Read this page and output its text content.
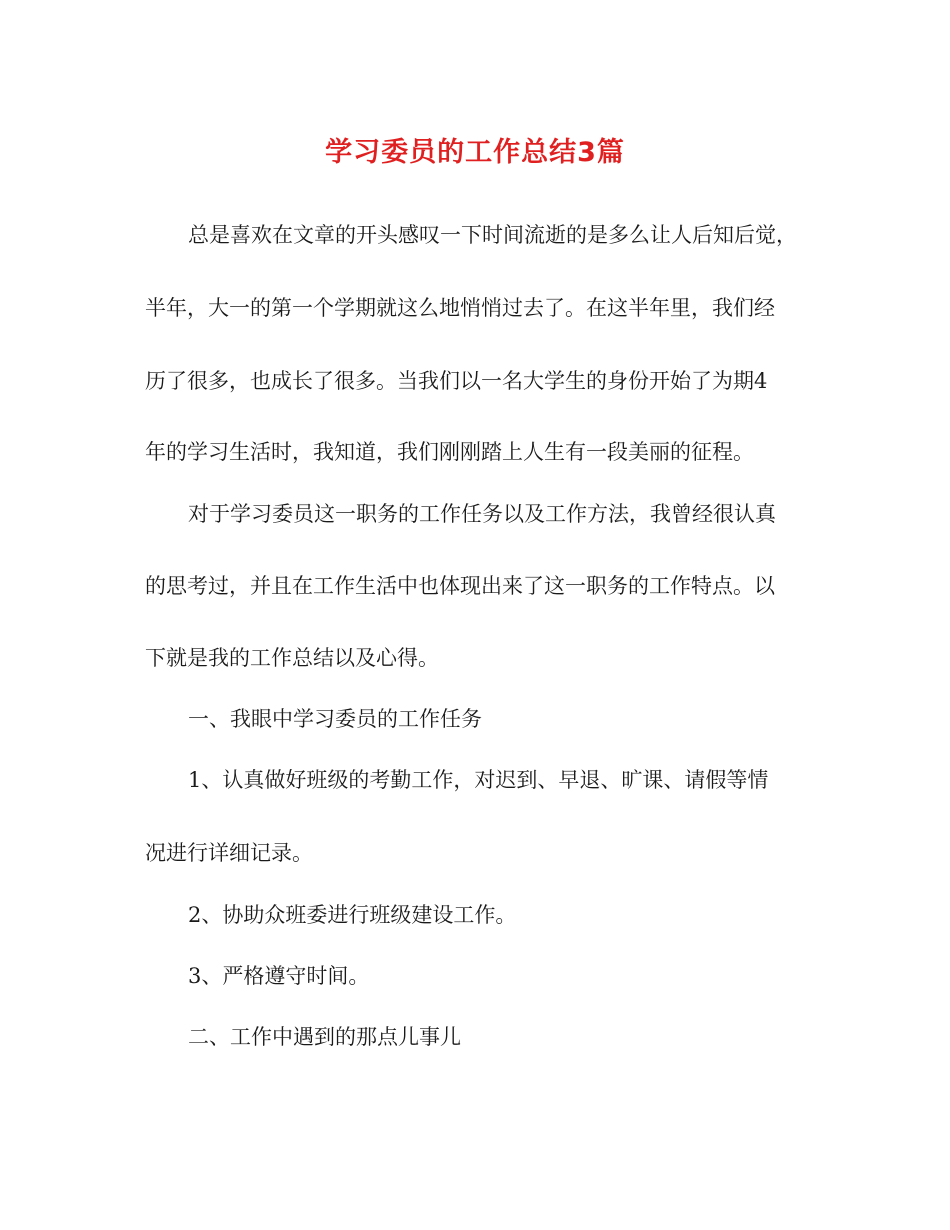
学习委员的工作总结3篇

总是喜欢在文章的开头感叹一下时间流逝的是多么让人后知后觉，

半年，大一的第一个学期就这么地悄悄过去了。在这半年里，我们经

历了很多，也成长了很多。当我们以一名大学生的身份开始了为期4

年的学习生活时，我知道，我们刚刚踏上人生有一段美丽的征程。

对于学习委员这一职务的工作任务以及工作方法，我曾经很认真

的思考过，并且在工作生活中也体现出来了这一职务的工作特点。以

下就是我的工作总结以及心得。

一、我眼中学习委员的工作任务

1、认真做好班级的考勤工作，对迟到、早退、旷课、请假等情

况进行详细记录。

2、协助众班委进行班级建设工作。

3、严格遵守时间。

二、工作中遇到的那点儿事儿
